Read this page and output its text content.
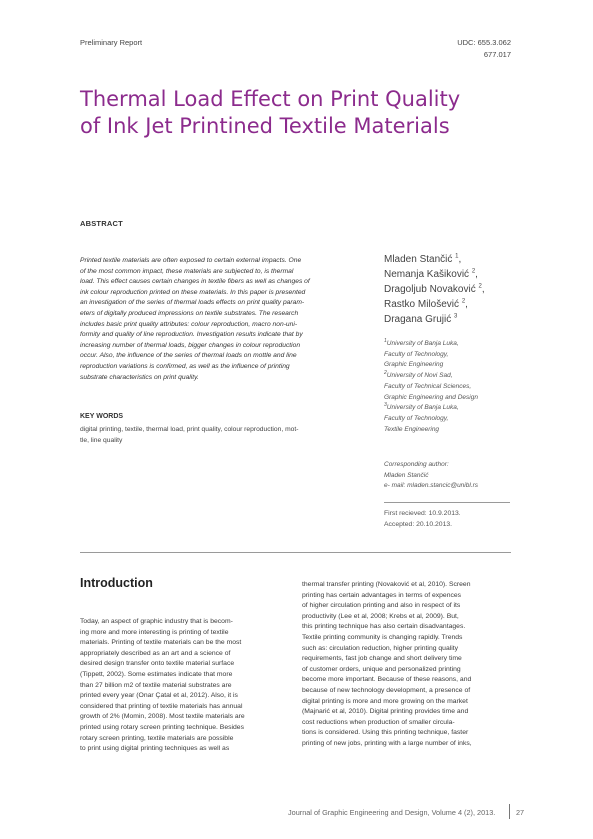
Preliminary Report	UDC: 655.3.062
677.017
Thermal Load Effect on Print Quality
of Ink Jet Printined Textile Materials
ABSTRACT
Printed textile materials are often exposed to certain external impacts. One
of the most common impact, these materials are subjected to, is thermal
load. This effect causes certain changes in textile fibers as well as changes of
ink colour reproduction printed on these materials. In this paper is presented
an investigation of the series of thermal loads effects on print quality param-
eters of digitally produced impressions on textile substrates. The research
includes basic print quality attributes: colour reproduction, macro non-uni-
formity and quality of line reproduction. Investigation results indicate that by
increasing number of thermal loads, bigger changes in colour reproduction
occur. Also, the influence of the series of thermal loads on mottle and line
reproduction variations is confirmed, as well as the influence of printing
substrate characteristics on print quality.
KEY WORDS
digital printing, textile, thermal load, print quality, colour reproduction, mot-
tle, line quality
Mladen Stančić $^1$,
Nemanja Kašiković $^2$,
Dragoljub Novaković $^2$,
Rastko Milošević $^2$,
Dragana Grujić $^3$
$^1$University of Banja Luka,
Faculty of Technology,
Graphic Engineering
$^2$University of Novi Sad,
Faculty of Technical Sciences,
Graphic Engineering and Design
$^3$University of Banja Luka,
Faculty of Technology,
Textile Engineering
Corresponding author:
Mladen Stančić
e- mail: mladen.stancic@unibl.rs
First recieved: 10.9.2013.
Accepted: 20.10.2013.
Introduction
Today, an aspect of graphic industry that is becom-
ing more and more interesting is printing of textile
materials. Printing of textile materials can be the most
appropriately described as an art and a science of
desired design transfer onto textile material surface
(Tippett, 2002). Some estimates indicate that more
than 27 billion m2 of textile material substrates are
printed every year (Onar Çatal et al, 2012). Also, it is
considered that printing of textile materials has annual
growth of 2% (Momin, 2008). Most textile materials are
printed using rotary screen printing technique. Besides
rotary screen printing, textile materials are possible
to print using digital printing techniques as well as
thermal transfer printing (Novaković et al, 2010). Screen
printing has certain advantages in terms of expences
of higher circulation printing and also in respect of its
productivity (Lee et al, 2008; Krebs et al, 2009). But,
this printing technique has also certain disadvantages.
Textile printing community is changing rapidly. Trends
such as: circulation reduction, higher printing quality
requirements, fast job change and short delivery time
of customer orders, unique and personalized printing
become more important. Because of these reasons, and
because of new technology development, a presence of
digital printing is more and more growing on the market
(Majnarić et al, 2010). Digital printing provides time and
cost reductions when production of smaller circula-
tions is considered. Using this printing technique, faster
printing of new jobs, printing with a large number of inks,
Journal of Graphic Engineering and Design, Volume 4 (2), 2013.	27
